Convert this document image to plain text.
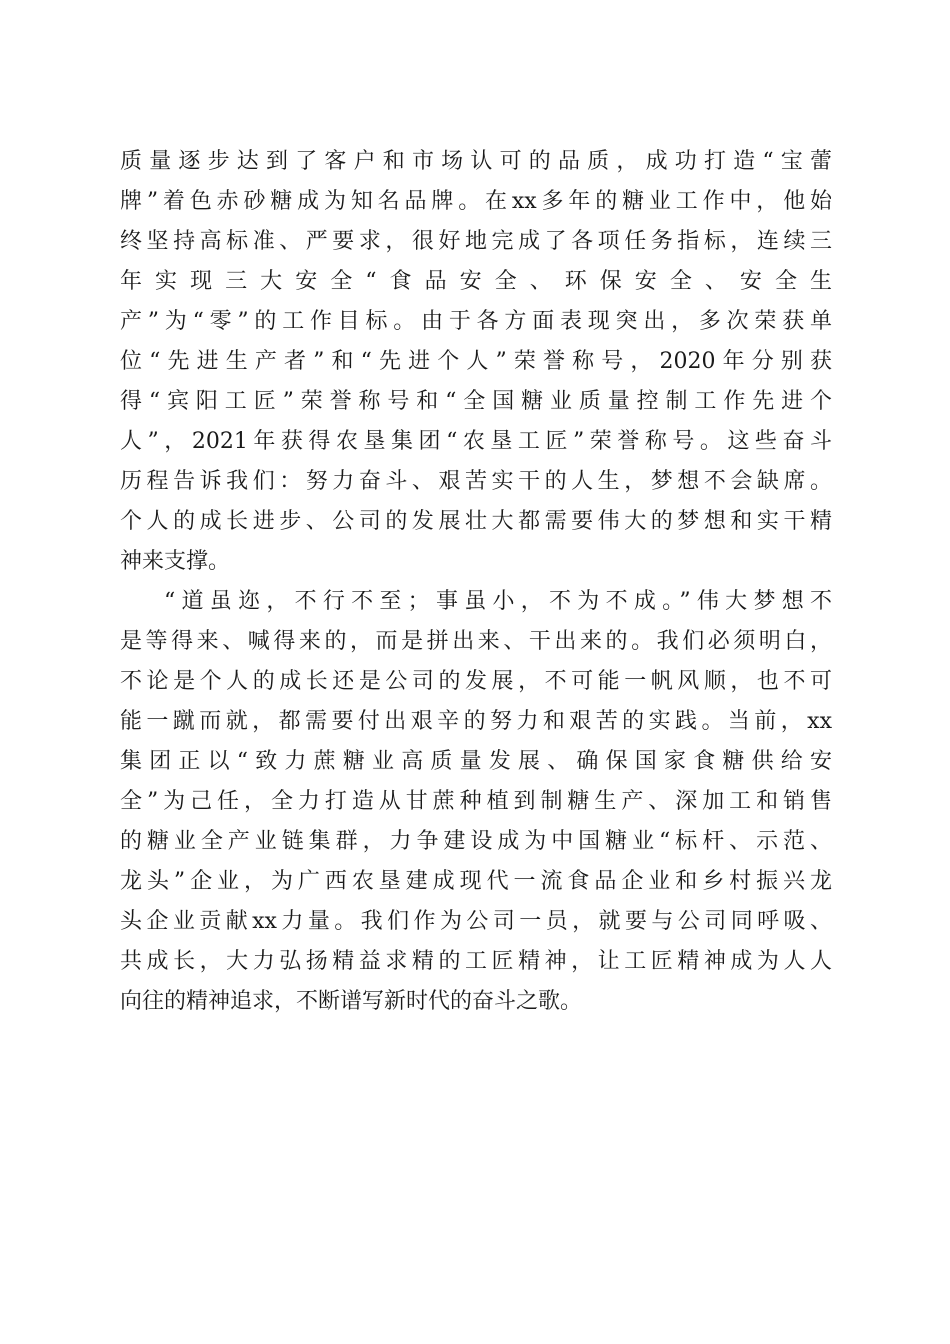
质量逐步达到了客户和市场认可的品质，成功打造“宝蕾
牌”着色赤砂糖成为知名品牌。在xx多年的糖业工作中，他始
终坚持高标准、严要求，很好地完成了各项任务指标，连续三
年实现三大安全“食品安全、环保安全、安全生
产”为“零”的工作目标。由于各方面表现突出，多次荣获单
位“先进生产者”和“先进个人”荣誉称号，2020年分别获
得“宾阳工匠”荣誉称号和“全国糖业质量控制工作先进个
人”，2021年获得农垦集团“农垦工匠”荣誉称号。这些奋斗
历程告诉我们：努力奋斗、艰苦实干的人生，梦想不会缺席。
个人的成长进步、公司的发展壮大都需要伟大的梦想和实干精
神来支撑。
“道虽迩，不行不至；事虽小，不为不成。”伟大梦想不
是等得来、喊得来的，而是拼出来、干出来的。我们必须明白，
不论是个人的成长还是公司的发展，不可能一帆风顺，也不可
能一蹴而就，都需要付出艰辛的努力和艰苦的实践。当前，xx
集团正以“致力蔗糖业高质量发展、确保国家食糖供给安
全”为己任，全力打造从甘蔗种植到制糖生产、深加工和销售
的糖业全产业链集群，力争建设成为中国糖业“标杆、示范、
龙头”企业，为广西农垦建成现代一流食品企业和乡村振兴龙
头企业贡献xx力量。我们作为公司一员，就要与公司同呼吸、
共成长，大力弘扬精益求精的工匠精神，让工匠精神成为人人
向往的精神追求，不断谱写新时代的奋斗之歌。
